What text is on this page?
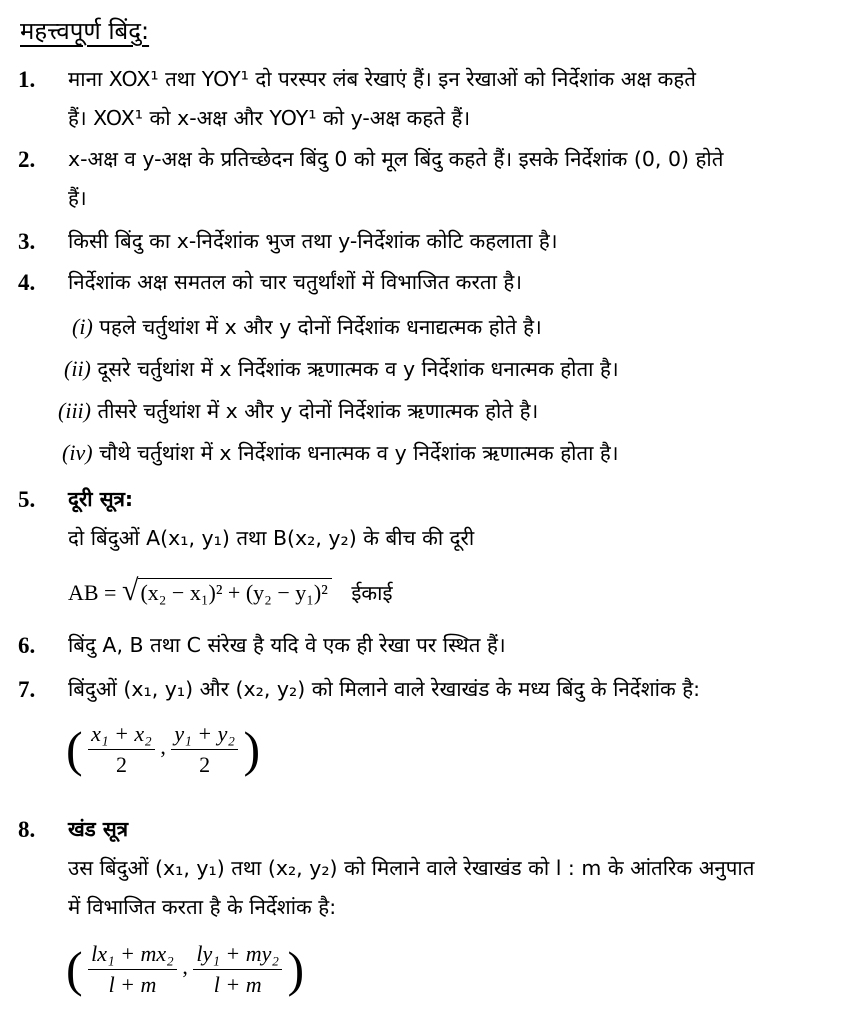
महत्त्वपूर्ण बिंदु:
1. माना XOX¹ तथा YOY¹ दो परस्पर लंब रेखाएं हैं। इन रेखाओं को निर्देशांक अक्ष कहते
हैं। XOX¹ को x-अक्ष और YOY¹ को y-अक्ष कहते हैं।
2. x-अक्ष व y-अक्ष के प्रतिच्छेदन बिंदु 0 को मूल बिंदु कहते हैं। इसके निर्देशांक (0, 0) होते
हैं।
3. किसी बिंदु का x-निर्देशांक भुज तथा y-निर्देशांक कोटि कहलाता है।
4. निर्देशांक अक्ष समतल को चार चतुर्थांशों में विभाजित करता है।
(i) पहले चर्तुथांश में x और y दोनों निर्देशांक धनाद्यत्मक होते है।
(ii) दूसरे चर्तुथांश में x निर्देशांक ऋणात्मक व y निर्देशांक धनात्मक होता है।
(iii) तीसरे चर्तुथांश में x और y दोनों निर्देशांक ऋणात्मक होते है।
(iv) चौथे चर्तुथांश में x निर्देशांक धनात्मक व y निर्देशांक ऋणात्मक होता है।
5. दूरी सूत्र:
दो बिंदुओं A(x₁, y₁) तथा B(x₂, y₂) के बीच की दूरी
AB = √(x₂ − x₁)² + (y₂ − y₁)² ईकाई
6. बिंदु A, B तथा C संरेख है यदि वे एक ही रेखा पर स्थित हैं।
7. बिंदुओं (x₁, y₁) और (x₂, y₂) को मिलाने वाले रेखाखंड के मध्य बिंदु के निर्देशांक है:
( $\frac{\text{x₁ + x₂}}{2}$ , $\frac{\text{y₁ + y₂}}{2}$ )
8. खंड सूत्र
उस बिंदुओं (x₁, y₁) तथा (x₂, y₂) को मिलाने वाले रेखाखंड को l : m के आंतरिक अनुपात
में विभाजित करता है के निर्देशांक है:
( $\frac{\text{lx₁ + mx₂}}{l + m}$ , $\frac{\text{ly₁ + my₂}}{l + m}$ )
